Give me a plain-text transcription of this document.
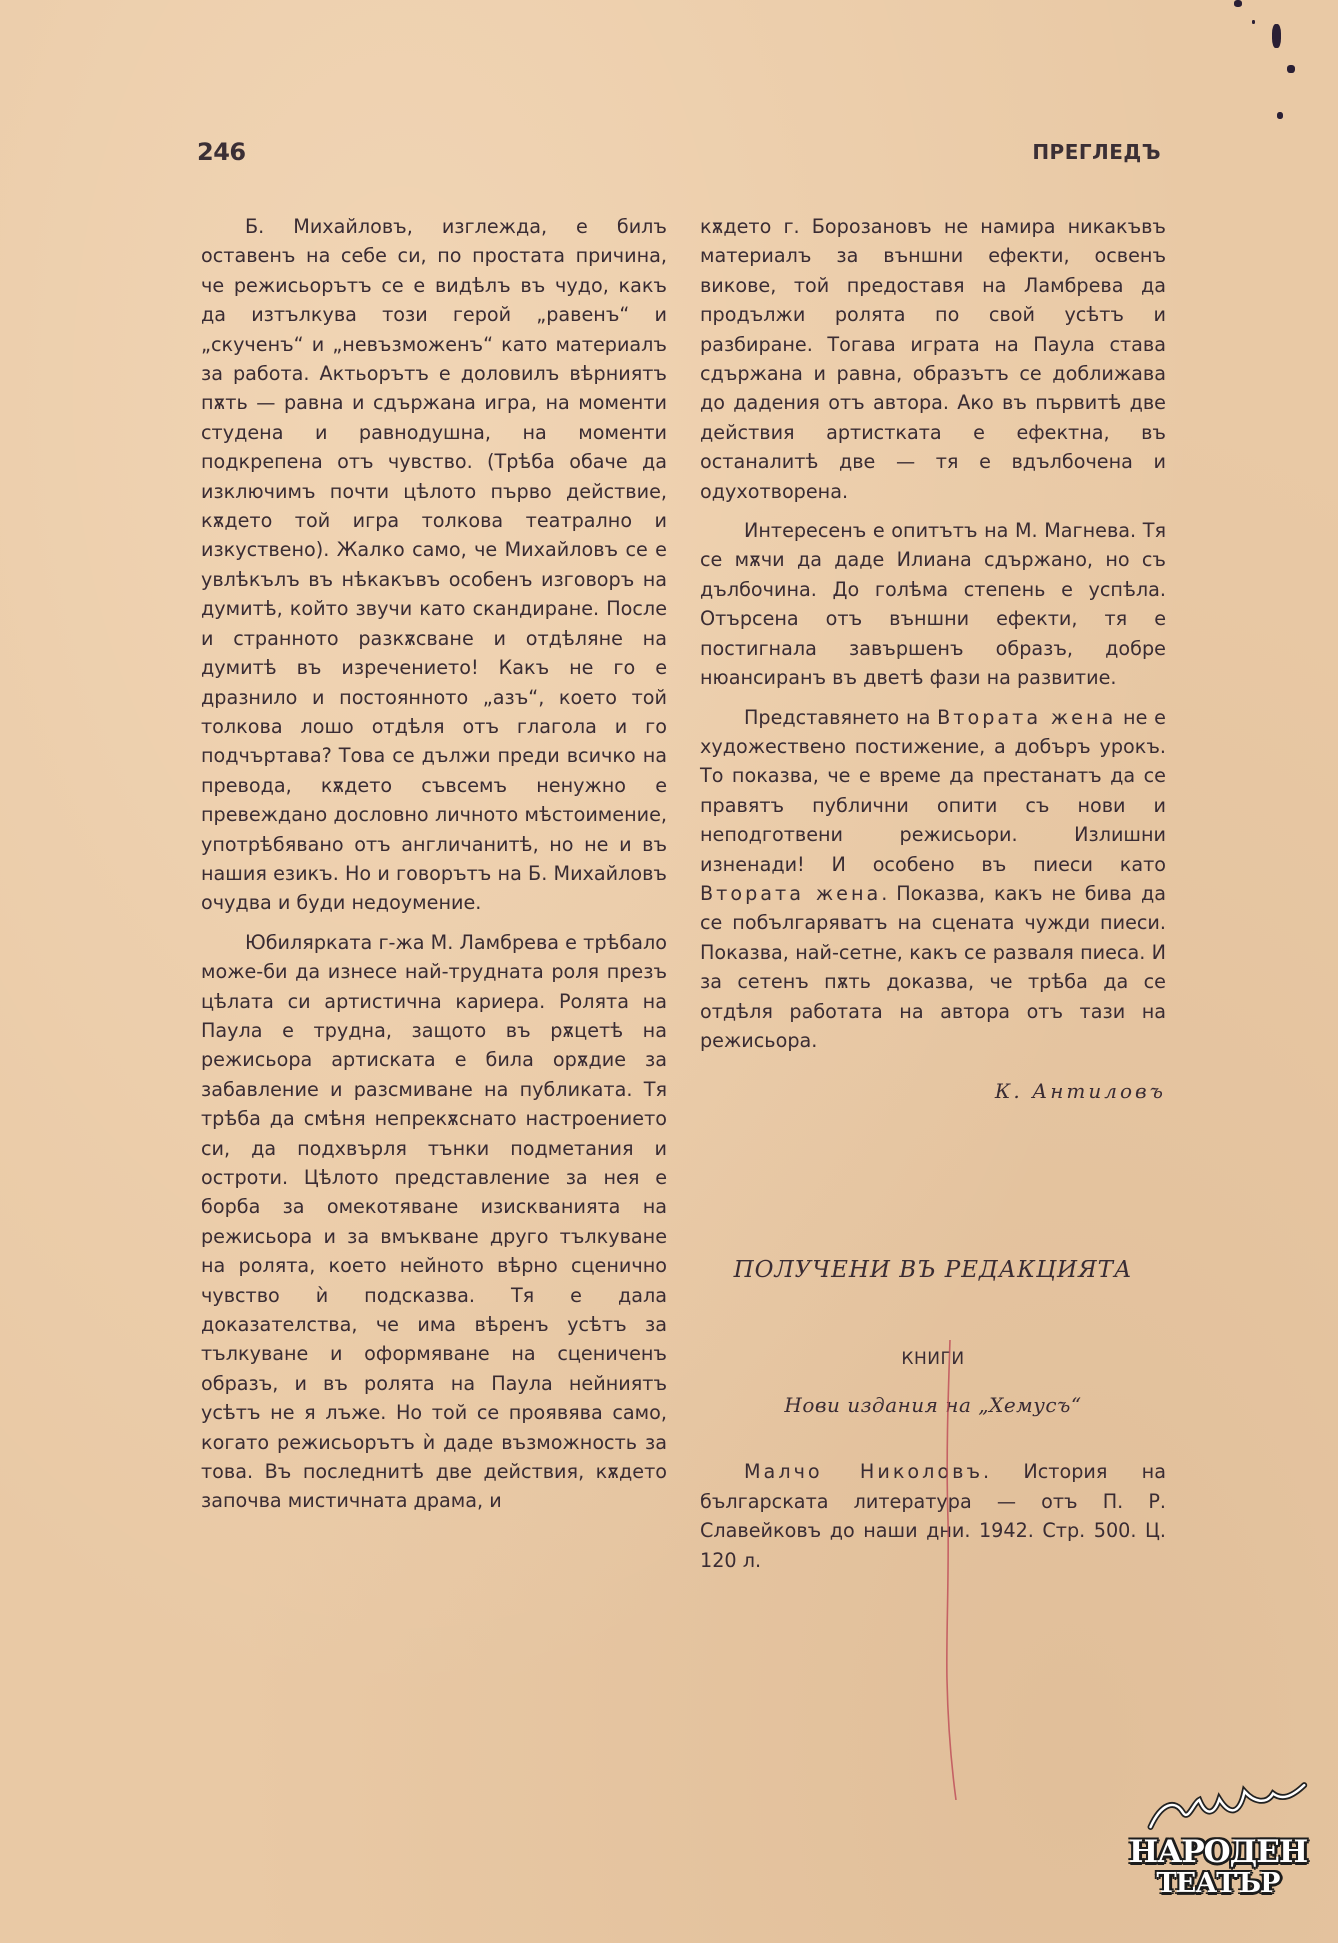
246	ПРЕГЛЕДЪ

Б. Михайловъ, изглежда, е билъ оставенъ на себе си, по простата причина, че режисьорътъ се е видѣлъ въ чудо, какъ да изтълкува този герой „равенъ“ и „скученъ“ и „невъзможенъ“ като материалъ за работа. Актьорътъ е доловилъ вѣрниятъ пѫть — равна и сдържана игра, на моменти студена и равнодушна, на моменти подкрепена отъ чувство. (Трѣба обаче да изключимъ почти цѣлото първо действие, кѫдето той игра толкова театрално и изкуствено). Жалко само, че Михайловъ се е увлѣкълъ въ нѣкакъвъ особенъ изговоръ на думитѣ, който звучи като скандиране. После и странното разкѫсване и отдѣляне на думитѣ въ изречението! Какъ не го е дразнило и постоянното „азъ“, което той толкова лошо отдѣля отъ глагола и го подчъртава? Това се дължи преди всичко на превода, кѫдето съвсемъ ненужно е превеждано дословно личното мѣстоимение, употрѣбявано отъ англичанитѣ, но не и въ нашия езикъ. Но и говорътъ на Б. Михайловъ очудва и буди недоумение.

Юбилярката г-жа М. Ламбрева е трѣбало може-би да изнесе най-трудната роля презъ цѣлата си артистична кариера. Ролята на Паула е трудна, защото въ рѫцетѣ на режисьора артиската е била орѫдие за забавление и разсмиване на публиката. Тя трѣба да смѣня непрекѫснато настроението си, да подхвърля тънки подметания и остроти. Цѣлото представление за нея е борба за омекотяване изискванията на режисьора и за вмъкване друго тълкуване на ролята, което нейното вѣрно сценично чувство ѝ подсказва. Тя е дала доказателства, че има вѣренъ усѣтъ за тълкуване и оформяване на сцениченъ образъ, и въ ролята на Паула нейниятъ усѣтъ не я лъже. Но той се проявява само, когато режисьорътъ ѝ даде възможность за това. Въ последнитѣ две действия, кѫдето започва мистичната драма, и

кѫдето г. Борозановъ не намира никакъвъ материалъ за външни ефекти, освенъ викове, той предоставя на Ламбрева да продължи ролята по свой усѣтъ и разбиране. Тогава играта на Паула става сдържана и равна, образътъ се доближава до дадения отъ автора. Ако въ първитѣ две действия артистката е ефектна, въ останалитѣ две — тя е вдълбочена и одухотворена.

Интересенъ е опитътъ на М. Магнева. Тя се мѫчи да даде Илиана сдържано, но съ дълбочина. До голѣма степень е успѣла. Отърсена отъ външни ефекти, тя е постигнала завършенъ образъ, добре нюансиранъ въ дветѣ фази на развитие.

Представянето на Втората жена не е художествено постижение, а добъръ урокъ. То показва, че е време да престанатъ да се правятъ публични опити съ нови и неподготвени режисьори. Излишни изненади! И особено въ пиеси като Втората жена. Показва, какъ не бива да се побългаряватъ на сцената чужди пиеси. Показва, най-сетне, какъ се разваля пиеса. И за сетенъ пѫть доказва, че трѣба да се отдѣля работата на автора отъ тази на режисьора.

К. Антиловъ
ПОЛУЧЕНИ ВЪ РЕДАКЦИЯТА
КНИГИ
Нови издания на „Хемусъ“

Малчо Николовъ. История на българската литература — отъ П. Р. Славейковъ до наши дни. 1942. Стр. 500. Ц. 120 л.

НАРОДЕН
ТЕАТЪР
